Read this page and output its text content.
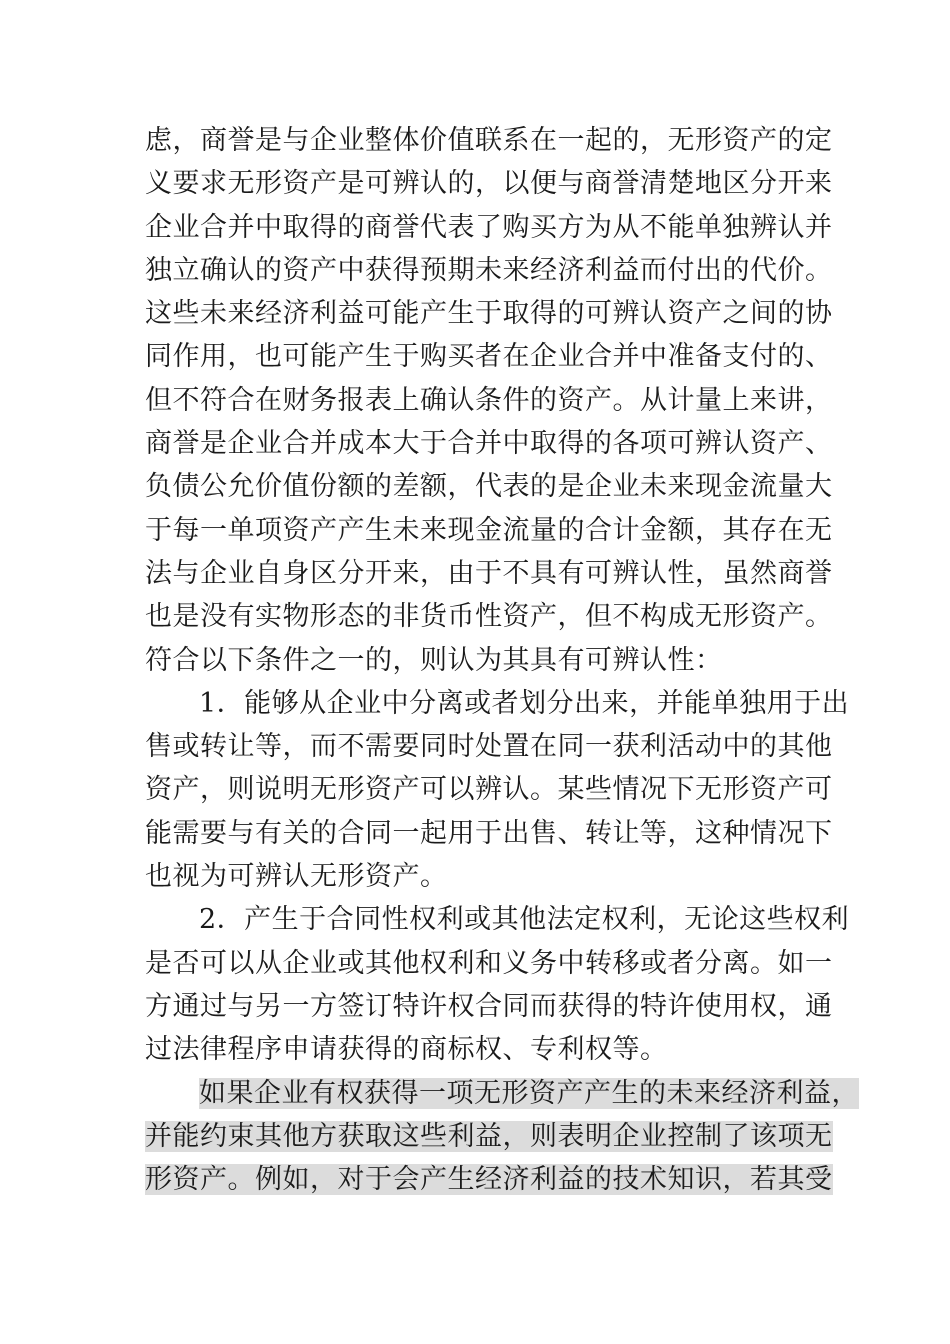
虑，商誉是与企业整体价值联系在一起的，无形资产的定
义要求无形资产是可辨认的，以便与商誉清楚地区分开来
企业合并中取得的商誉代表了购买方为从不能单独辨认并
独立确认的资产中获得预期未来经济利益而付出的代价。
这些未来经济利益可能产生于取得的可辨认资产之间的协
同作用，也可能产生于购买者在企业合并中准备支付的、
但不符合在财务报表上确认条件的资产。从计量上来讲，
商誉是企业合并成本大于合并中取得的各项可辨认资产、
负债公允价值份额的差额，代表的是企业未来现金流量大
于每一单项资产产生未来现金流量的合计金额，其存在无
法与企业自身区分开来，由于不具有可辨认性，虽然商誉
也是没有实物形态的非货币性资产，但不构成无形资产。
符合以下条件之一的，则认为其具有可辨认性：
1．能够从企业中分离或者划分出来，并能单独用于出
售或转让等，而不需要同时处置在同一获利活动中的其他
资产，则说明无形资产可以辨认。某些情况下无形资产可
能需要与有关的合同一起用于出售、转让等，这种情况下
也视为可辨认无形资产。
2．产生于合同性权利或其他法定权利，无论这些权利
是否可以从企业或其他权利和义务中转移或者分离。如一
方通过与另一方签订特许权合同而获得的特许使用权，通
过法律程序申请获得的商标权、专利权等。
如果企业有权获得一项无形资产产生的未来经济利益，
并能约束其他方获取这些利益，则表明企业控制了该项无
形资产。例如，对于会产生经济利益的技术知识，若其受
